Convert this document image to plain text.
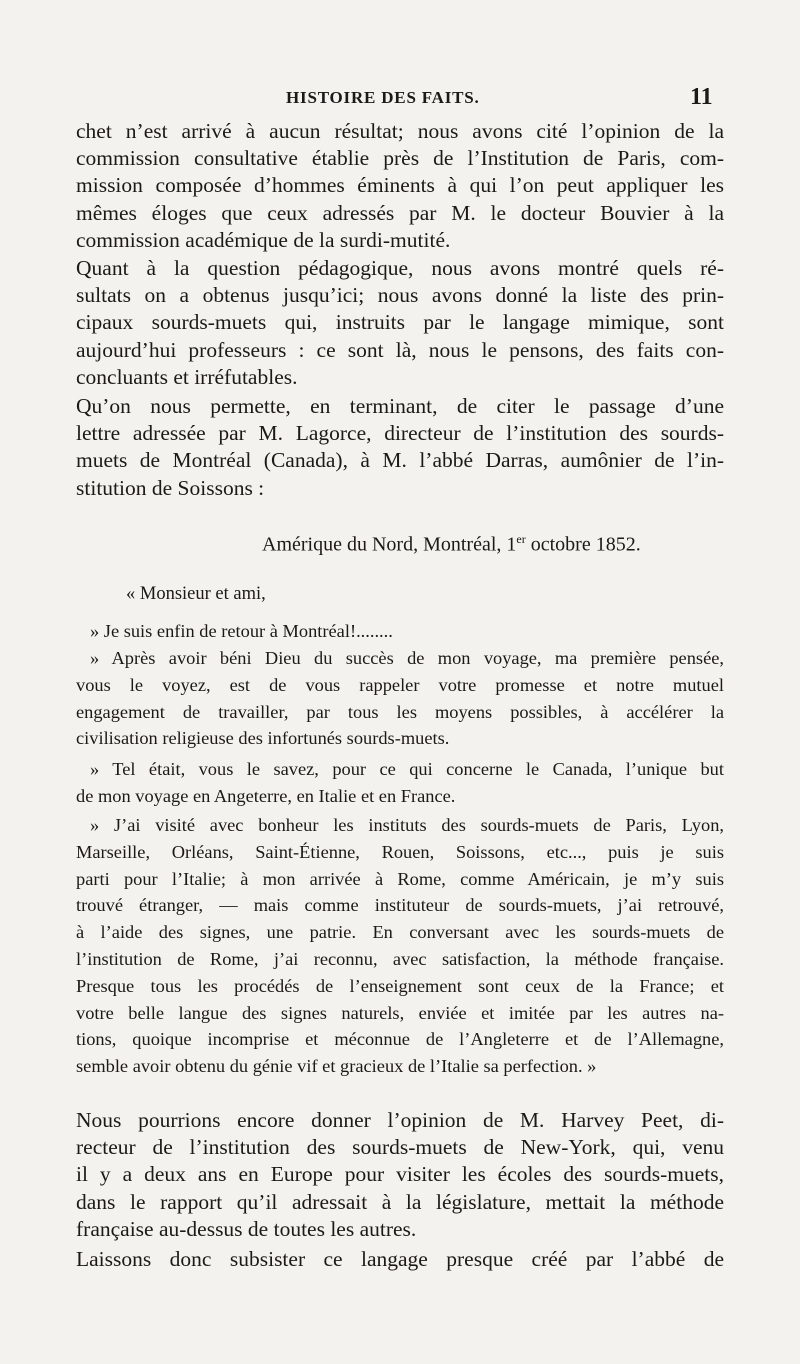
HISTOIRE DES FAITS.	11
chet n’est arrivé à aucun résultat; nous avons cité l’opinion de la
commission consultative établie près de l’Institution de Paris, com-
mission composée d’hommes éminents à qui l’on peut appliquer les
mêmes éloges que ceux adressés par M. le docteur Bouvier à la
commission académique de la surdi-mutité.
Quant à la question pédagogique, nous avons montré quels ré-
sultats on a obtenus jusqu’ici; nous avons donné la liste des prin-
cipaux sourds-muets qui, instruits par le langage mimique, sont
aujourd’hui professeurs : ce sont là, nous le pensons, des faits con-
concluants et irréfutables.
Qu’on nous permette, en terminant, de citer le passage d’une
lettre adressée par M. Lagorce, directeur de l’institution des sourds-
muets de Montréal (Canada), à M. l’abbé Darras, aumônier de l’in-
stitution de Soissons :
Amérique du Nord, Montréal, 1er octobre 1852.
« Monsieur et ami,
» Je suis enfin de retour à Montréal!........
» Après avoir béni Dieu du succès de mon voyage, ma première pensée,
vous le voyez, est de vous rappeler votre promesse et notre mutuel
engagement de travailler, par tous les moyens possibles, à accélérer la
civilisation religieuse des infortunés sourds-muets.
» Tel était, vous le savez, pour ce qui concerne le Canada, l’unique but
de mon voyage en Angeterre, en Italie et en France.
» J’ai visité avec bonheur les instituts des sourds-muets de Paris, Lyon,
Marseille, Orléans, Saint-Étienne, Rouen, Soissons, etc..., puis je suis
parti pour l’Italie; à mon arrivée à Rome, comme Américain, je m’y suis
trouvé étranger, — mais comme instituteur de sourds-muets, j’ai retrouvé,
à l’aide des signes, une patrie. En conversant avec les sourds-muets de
l’institution de Rome, j’ai reconnu, avec satisfaction, la méthode française.
Presque tous les procédés de l’enseignement sont ceux de la France; et
votre belle langue des signes naturels, enviée et imitée par les autres na-
tions, quoique incomprise et méconnue de l’Angleterre et de l’Allemagne,
semble avoir obtenu du génie vif et gracieux de l’Italie sa perfection. »
Nous pourrions encore donner l’opinion de M. Harvey Peet, di-
recteur de l’institution des sourds-muets de New-York, qui, venu
il y a deux ans en Europe pour visiter les écoles des sourds-muets,
dans le rapport qu’il adressait à la législature, mettait la méthode
française au-dessus de toutes les autres.
Laissons donc subsister ce langage presque créé par l’abbé de
